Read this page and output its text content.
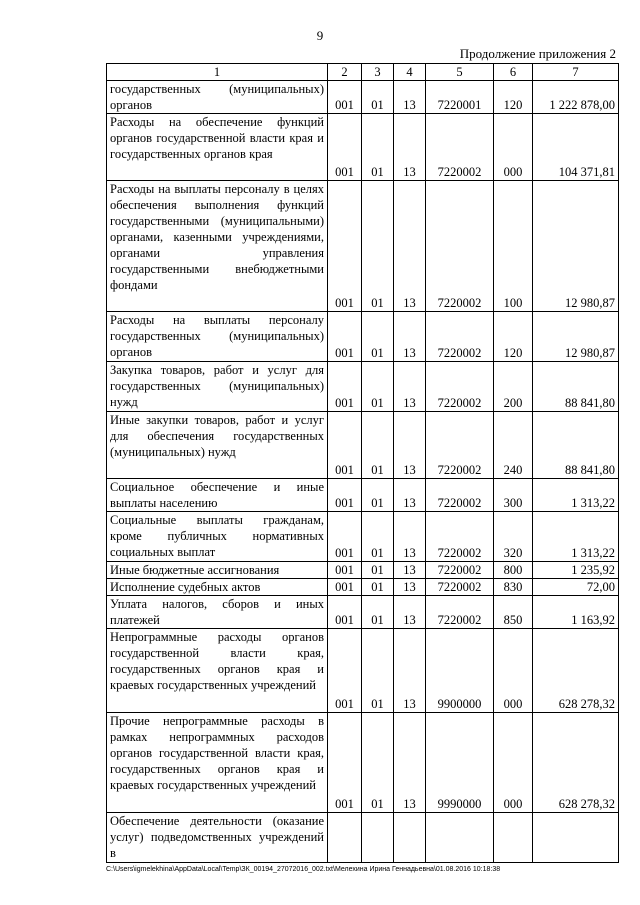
9
Продолжение приложения 2
1	2	3	4	5	6	7
государственных (муниципальных) органов	001	01	13	7220001	120	1 222 878,00
Расходы на обеспечение функций органов государственной власти края и государственных органов края	001	01	13	7220002	000	104 371,81
Расходы на выплаты персоналу в целях обеспечения выполнения функций государственными (муниципальными) органами, казенными учреждениями, органами управления государственными внебюджетными фондами	001	01	13	7220002	100	12 980,87
Расходы на выплаты персоналу государственных (муниципальных) органов	001	01	13	7220002	120	12 980,87
Закупка товаров, работ и услуг для государственных (муниципальных) нужд	001	01	13	7220002	200	88 841,80
Иные закупки товаров, работ и услуг для обеспечения государственных (муниципальных) нужд	001	01	13	7220002	240	88 841,80
Социальное обеспечение и иные выплаты населению	001	01	13	7220002	300	1 313,22
Социальные выплаты гражданам, кроме публичных нормативных социальных выплат	001	01	13	7220002	320	1 313,22
Иные бюджетные ассигнования	001	01	13	7220002	800	1 235,92
Исполнение судебных актов	001	01	13	7220002	830	72,00
Уплата налогов, сборов и иных платежей	001	01	13	7220002	850	1 163,92
Непрограммные расходы органов государственной власти края, государственных органов края и краевых государственных учреждений	001	01	13	9900000	000	628 278,32
Прочие непрограммные расходы в рамках непрограммных расходов органов государственной власти края, государственных органов края и краевых государственных учреждений	001	01	13	9990000	000	628 278,32
Обеспечение деятельности (оказание услуг) подведомственных учреждений в						
C:\Users\igmelekhina\AppData\Local\Temp\ЗК_00194_27072016_002.txt\Мелехина Ирина Геннадьевна\01.08.2016 10:18:38
